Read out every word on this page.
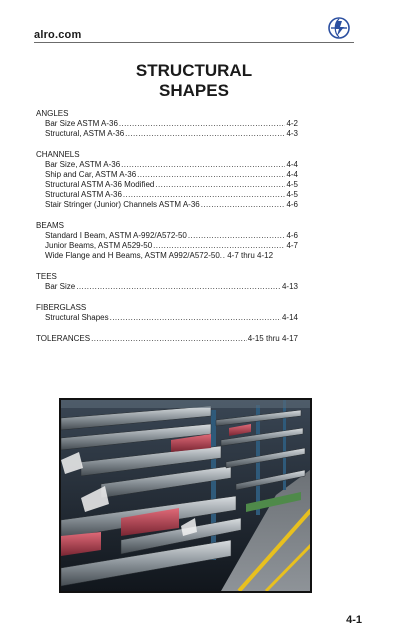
alro.com
STRUCTURAL
SHAPES
ANGLES
Bar Size ASTM A-36 .....	4-2
Structural, ASTM A-36 .....	4-3
CHANNELS
Bar Size, ASTM A-36 .....	4-4
Ship and Car, ASTM A-36 .....	4-4
Structural ASTM A-36 Modified .....	4-5
Structural ASTM A-36 .....	4-5
Stair Stringer (Junior) Channels ASTM A-36 .....	4-6
BEAMS
Standard I Beam, ASTM A-992/A572-50 .....	4-6
Junior Beams, ASTM A529-50 .....	4-7
Wide Flange and H Beams, ASTM A992/A572-50 ..... . 4-7 thru 4-12
TEES
Bar Size .....	4-13
FIBERGLASS
Structural Shapes .....	4-14
TOLERANCES .....	4-15 thru 4-17
4-1
